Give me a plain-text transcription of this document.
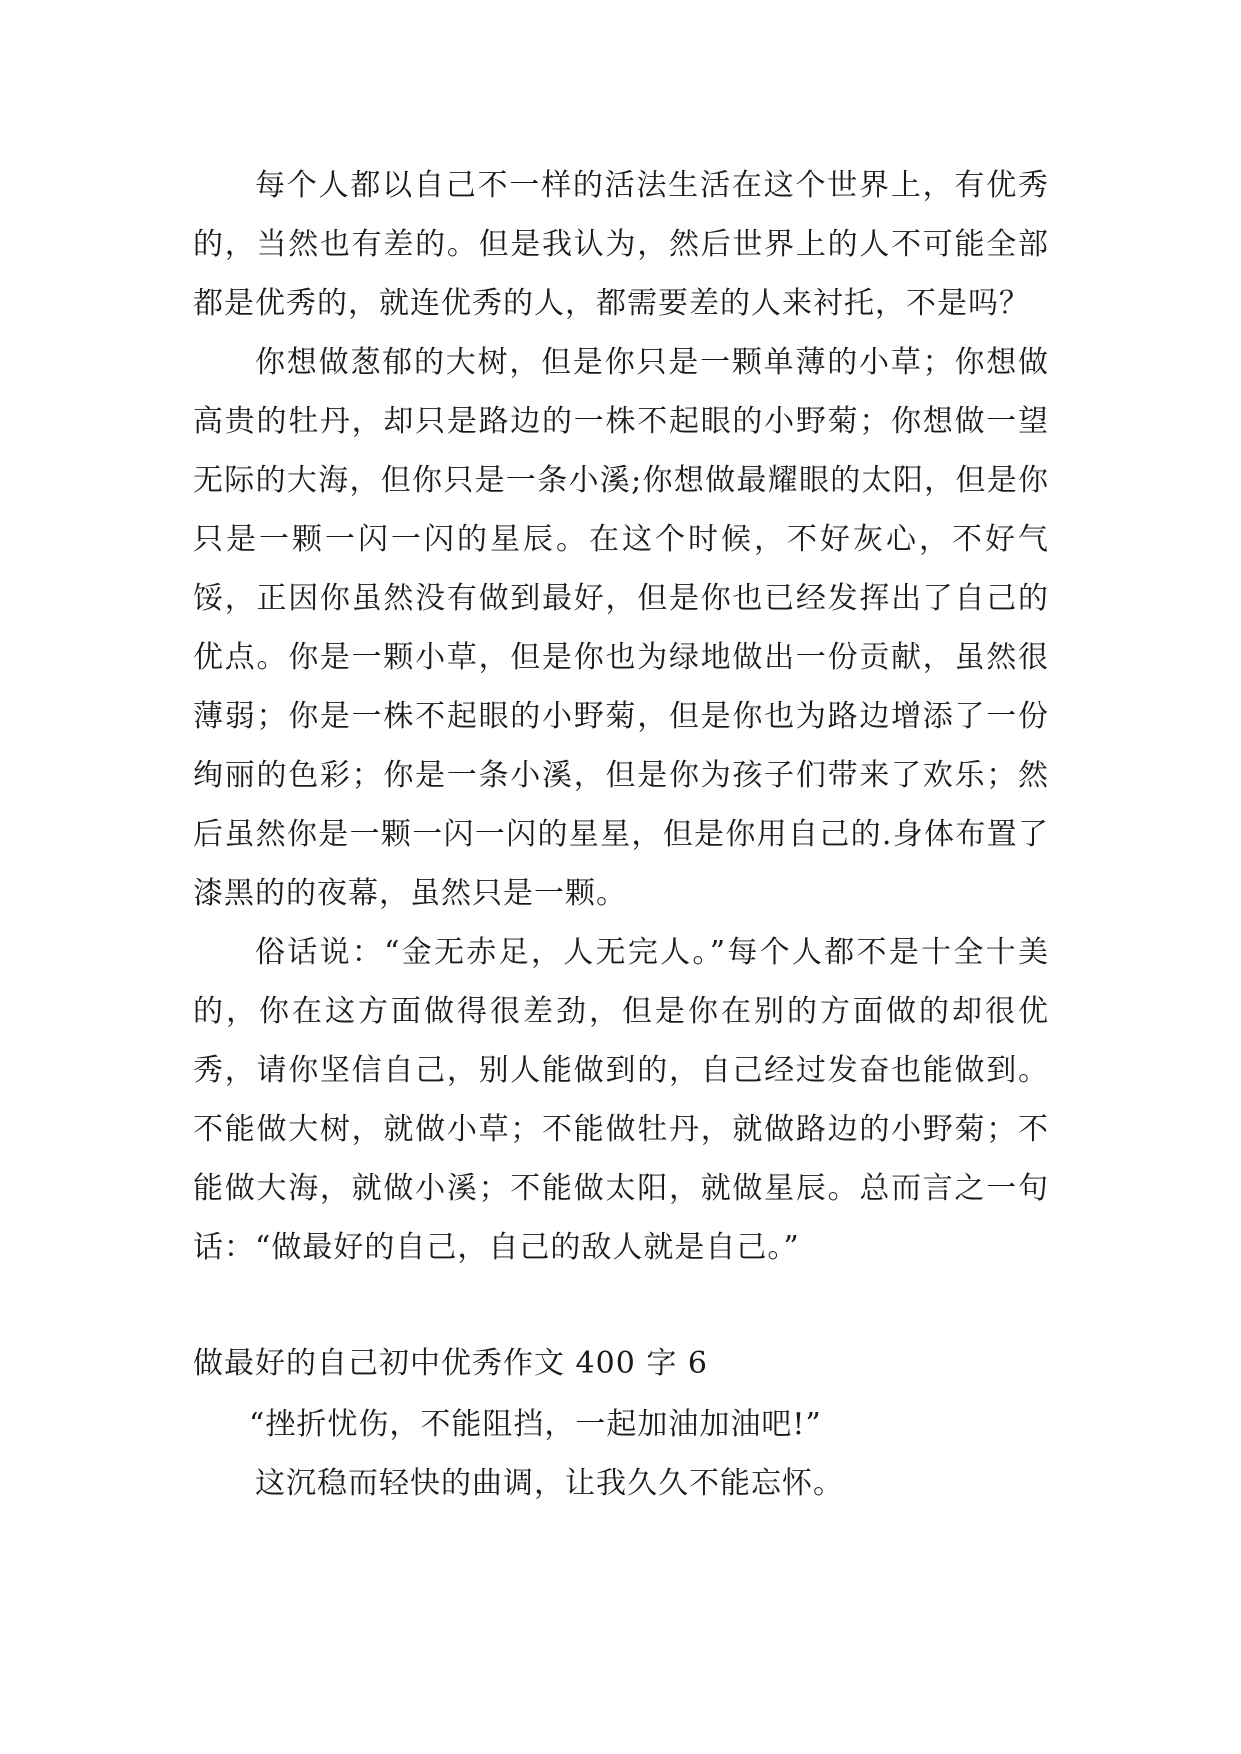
每个人都以自己不一样的活法生活在这个世界上，有优秀的，当然也有差的。但是我认为，然后世界上的人不可能全部都是优秀的，就连优秀的人，都需要差的人来衬托，不是吗？

你想做葱郁的大树，但是你只是一颗单薄的小草；你想做高贵的牡丹，却只是路边的一株不起眼的小野菊；你想做一望无际的大海，但你只是一条小溪;你想做最耀眼的太阳，但是你只是一颗一闪一闪的星辰。在这个时候，不好灰心，不好气馁，正因你虽然没有做到最好，但是你也已经发挥出了自己的优点。你是一颗小草，但是你也为绿地做出一份贡献，虽然很薄弱；你是一株不起眼的小野菊，但是你也为路边增添了一份绚丽的色彩；你是一条小溪，但是你为孩子们带来了欢乐；然后虽然你是一颗一闪一闪的星星，但是你用自己的.身体布置了漆黑的的夜幕，虽然只是一颗。

俗话说：“金无赤足，人无完人。”每个人都不是十全十美的，你在这方面做得很差劲，但是你在别的方面做的却很优秀，请你坚信自己，别人能做到的，自己经过发奋也能做到。不能做大树，就做小草；不能做牡丹，就做路边的小野菊；不能做大海，就做小溪；不能做太阳，就做星辰。总而言之一句话：“做最好的自己，自己的敌人就是自己。”

做最好的自己初中优秀作文 400 字 6

“挫折忧伤，不能阻挡，一起加油加油吧!”

这沉稳而轻快的曲调，让我久久不能忘怀。
